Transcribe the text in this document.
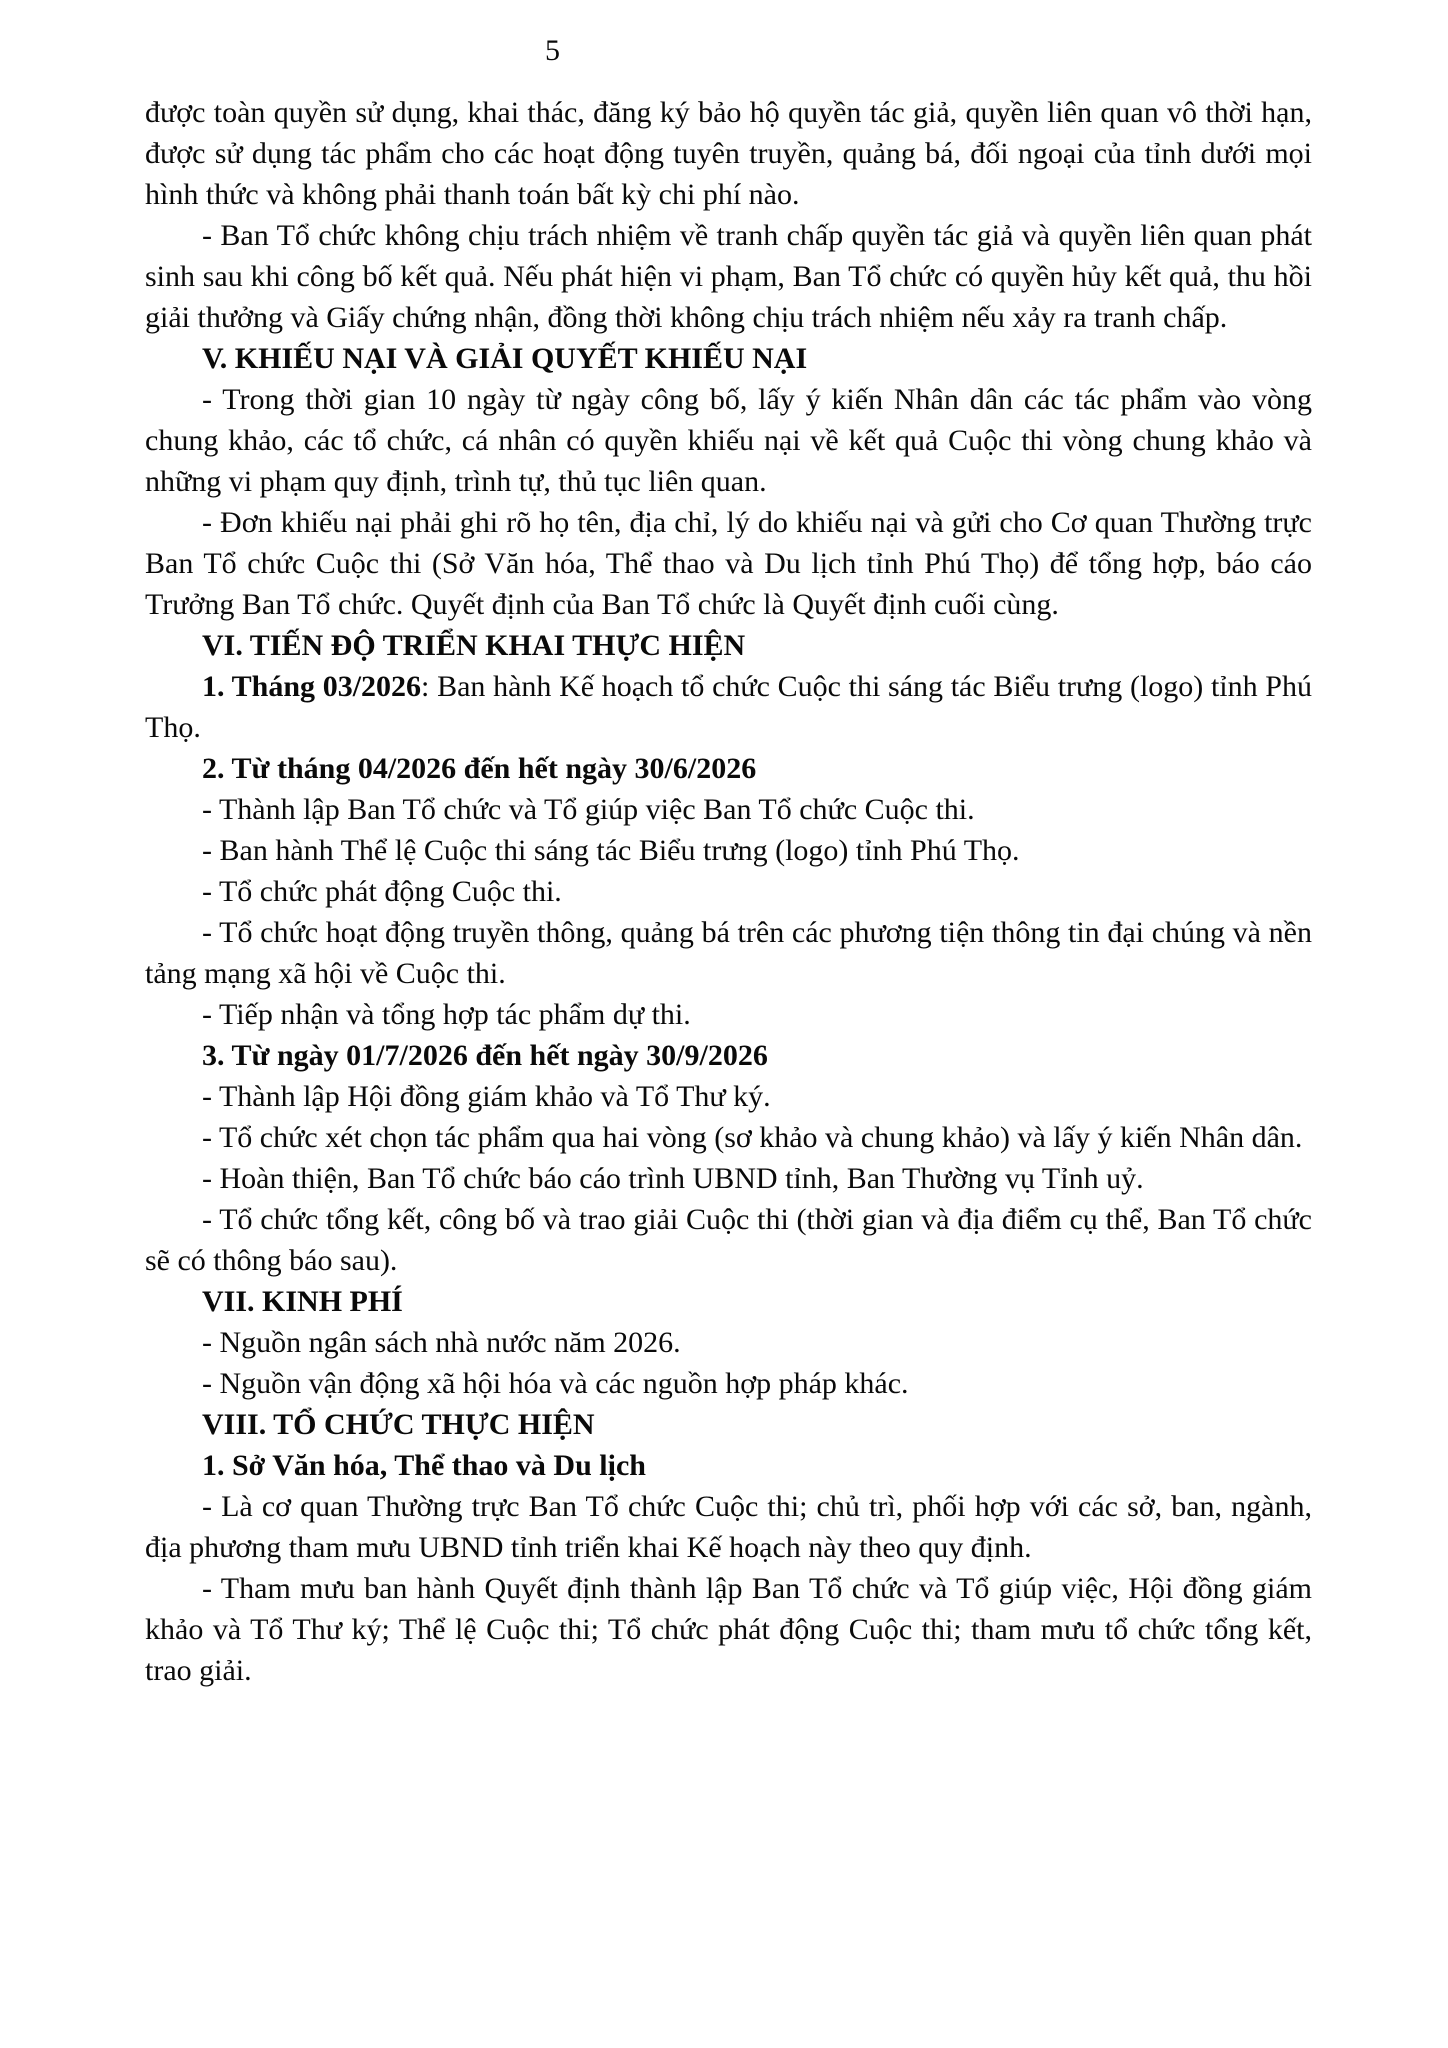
5

được toàn quyền sử dụng, khai thác, đăng ký bảo hộ quyền tác giả, quyền liên quan vô thời hạn, được sử dụng tác phẩm cho các hoạt động tuyên truyền, quảng bá, đối ngoại của tỉnh dưới mọi hình thức và không phải thanh toán bất kỳ chi phí nào.

- Ban Tổ chức không chịu trách nhiệm về tranh chấp quyền tác giả và quyền liên quan phát sinh sau khi công bố kết quả. Nếu phát hiện vi phạm, Ban Tổ chức có quyền hủy kết quả, thu hồi giải thưởng và Giấy chứng nhận, đồng thời không chịu trách nhiệm nếu xảy ra tranh chấp.

V. KHIẾU NẠI VÀ GIẢI QUYẾT KHIẾU NẠI

- Trong thời gian 10 ngày từ ngày công bố, lấy ý kiến Nhân dân các tác phẩm vào vòng chung khảo, các tổ chức, cá nhân có quyền khiếu nại về kết quả Cuộc thi vòng chung khảo và những vi phạm quy định, trình tự, thủ tục liên quan.

- Đơn khiếu nại phải ghi rõ họ tên, địa chỉ, lý do khiếu nại và gửi cho Cơ quan Thường trực Ban Tổ chức Cuộc thi (Sở Văn hóa, Thể thao và Du lịch tỉnh Phú Thọ) để tổng hợp, báo cáo Trưởng Ban Tổ chức. Quyết định của Ban Tổ chức là Quyết định cuối cùng.

VI. TIẾN ĐỘ TRIỂN KHAI THỰC HIỆN

1. Tháng 03/2026: Ban hành Kế hoạch tổ chức Cuộc thi sáng tác Biểu trưng (logo) tỉnh Phú Thọ.

2. Từ tháng 04/2026 đến hết ngày 30/6/2026

- Thành lập Ban Tổ chức và Tổ giúp việc Ban Tổ chức Cuộc thi.

- Ban hành Thể lệ Cuộc thi sáng tác Biểu trưng (logo) tỉnh Phú Thọ.

- Tổ chức phát động Cuộc thi.

- Tổ chức hoạt động truyền thông, quảng bá trên các phương tiện thông tin đại chúng và nền tảng mạng xã hội về Cuộc thi.

- Tiếp nhận và tổng hợp tác phẩm dự thi.

3. Từ ngày 01/7/2026 đến hết ngày 30/9/2026

- Thành lập Hội đồng giám khảo và Tổ Thư ký.

- Tổ chức xét chọn tác phẩm qua hai vòng (sơ khảo và chung khảo) và lấy ý kiến Nhân dân.

- Hoàn thiện, Ban Tổ chức báo cáo trình UBND tỉnh, Ban Thường vụ Tỉnh uỷ.

- Tổ chức tổng kết, công bố và trao giải Cuộc thi (thời gian và địa điểm cụ thể, Ban Tổ chức sẽ có thông báo sau).

VII. KINH PHÍ

- Nguồn ngân sách nhà nước năm 2026.

- Nguồn vận động xã hội hóa và các nguồn hợp pháp khác.

VIII. TỔ CHỨC THỰC HIỆN

1. Sở Văn hóa, Thể thao và Du lịch

- Là cơ quan Thường trực Ban Tổ chức Cuộc thi; chủ trì, phối hợp với các sở, ban, ngành, địa phương tham mưu UBND tỉnh triển khai Kế hoạch này theo quy định.

- Tham mưu ban hành Quyết định thành lập Ban Tổ chức và Tổ giúp việc, Hội đồng giám khảo và Tổ Thư ký; Thể lệ Cuộc thi; Tổ chức phát động Cuộc thi; tham mưu tổ chức tổng kết, trao giải.
